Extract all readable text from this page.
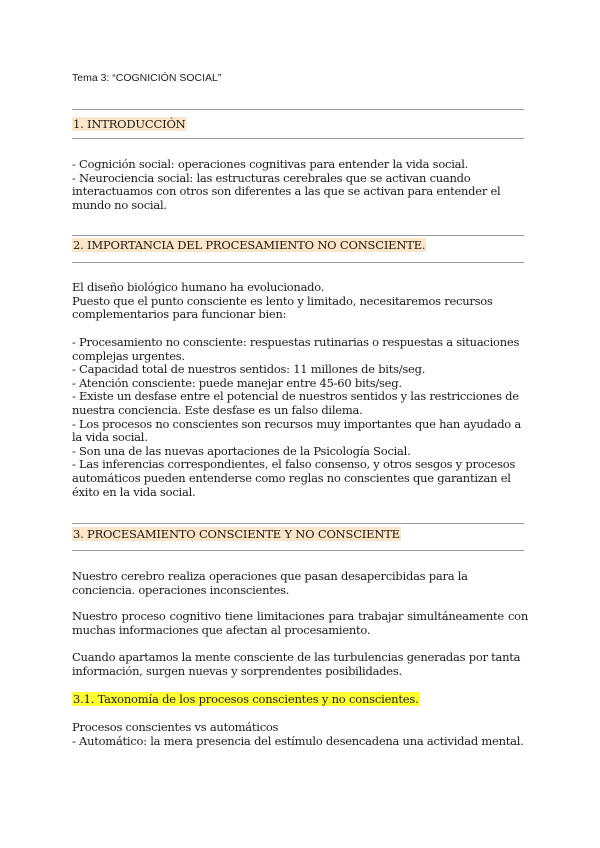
Tema 3: “COGNICIÓN SOCIAL”
1. INTRODUCCIÓN

- Cognición social: operaciones cognitivas para entender la vida social.

- Neurociencia social: las estructuras cerebrales que se activan cuando interactuamos con otros son diferentes a las que se activan para entender el mundo no social.

2. IMPORTANCIA DEL PROCESAMIENTO NO CONSCIENTE.

El diseño biológico humano ha evolucionado.

Puesto que el punto consciente es lento y limitado, necesitaremos recursos complementarios para funcionar bien:

- Procesamiento no consciente: respuestas rutinarias o respuestas a situaciones complejas urgentes.

- Capacidad total de nuestros sentidos: 11 millones de bits/seg.

- Atención consciente: puede manejar entre 45-60 bits/seg.

- Existe un desfase entre el potencial de nuestros sentidos y las restricciones de nuestra conciencia. Este desfase es un falso dilema.

- Los procesos no conscientes son recursos muy importantes que han ayudado a la vida social.

- Son una de las nuevas aportaciones de la Psicología Social.

- Las inferencias correspondientes, el falso consenso, y otros sesgos y procesos automáticos pueden entenderse como reglas no conscientes que garantizan el éxito en la vida social.

3. PROCESAMIENTO CONSCIENTE Y NO CONSCIENTE

Nuestro cerebro realiza operaciones que pasan desapercibidas para la conciencia. operaciones inconscientes.

Nuestro proceso cognitivo tiene limitaciones para trabajar simultáneamente con muchas informaciones que afectan al procesamiento.

Cuando apartamos la mente consciente de las turbulencias generadas por tanta información, surgen nuevas y sorprendentes posibilidades.

3.1. Taxonomía de los procesos conscientes y no conscientes.

Procesos conscientes vs automáticos

- Automático: la mera presencia del estímulo desencadena una actividad mental.
